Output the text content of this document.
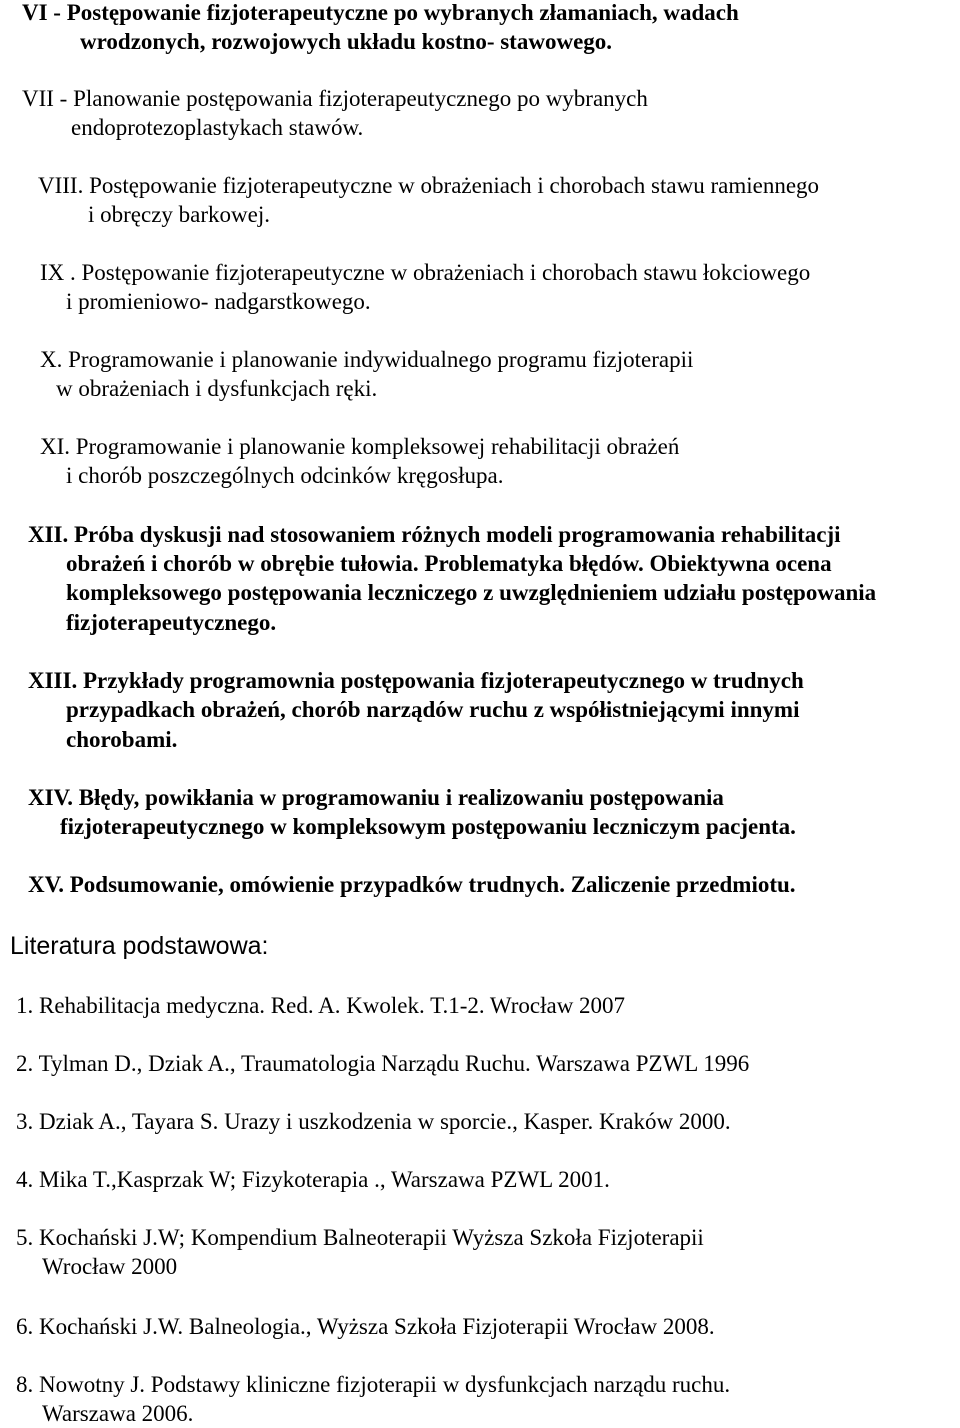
VI - Postępowanie fizjoterapeutyczne po wybranych złamaniach, wadach
wrodzonych, rozwojowych układu kostno- stawowego.
VII - Planowanie postępowania fizjoterapeutycznego po wybranych
endoprotezoplastykach stawów.
VIII. Postępowanie fizjoterapeutyczne w obrażeniach i chorobach stawu ramiennego
i obręczy barkowej.
IX . Postępowanie fizjoterapeutyczne w obrażeniach i chorobach stawu łokciowego
i promieniowo- nadgarstkowego.
X. Programowanie i planowanie indywidualnego programu fizjoterapii
w obrażeniach i dysfunkcjach ręki.
XI. Programowanie i planowanie kompleksowej rehabilitacji obrażeń
i chorób poszczególnych odcinków kręgosłupa.
XII. Próba dyskusji nad stosowaniem różnych modeli programowania rehabilitacji
obrażeń i chorób w obrębie tułowia. Problematyka błędów. Obiektywna ocena
kompleksowego postępowania leczniczego z uwzględnieniem udziału postępowania
fizjoterapeutycznego.
XIII. Przykłady programownia postępowania fizjoterapeutycznego w trudnych
przypadkach obrażeń, chorób narządów ruchu z współistniejącymi innymi
chorobami.
XIV. Błędy, powikłania w programowaniu i realizowaniu postępowania
fizjoterapeutycznego w kompleksowym postępowaniu leczniczym pacjenta.
XV. Podsumowanie, omówienie przypadków trudnych. Zaliczenie przedmiotu.
Literatura podstawowa:
1. Rehabilitacja medyczna. Red. A. Kwolek. T.1-2. Wrocław 2007
2. Tylman D., Dziak A., Traumatologia Narządu Ruchu. Warszawa PZWL 1996
3. Dziak A., Tayara S. Urazy i uszkodzenia w sporcie., Kasper. Kraków 2000.
4. Mika T.,Kasprzak W; Fizykoterapia ., Warszawa PZWL 2001.
5. Kochański J.W; Kompendium Balneoterapii Wyższa Szkoła Fizjoterapii
Wrocław 2000
6. Kochański J.W. Balneologia., Wyższa Szkoła Fizjoterapii Wrocław 2008.
8. Nowotny J. Podstawy kliniczne fizjoterapii w dysfunkcjach narządu ruchu.
Warszawa 2006.
